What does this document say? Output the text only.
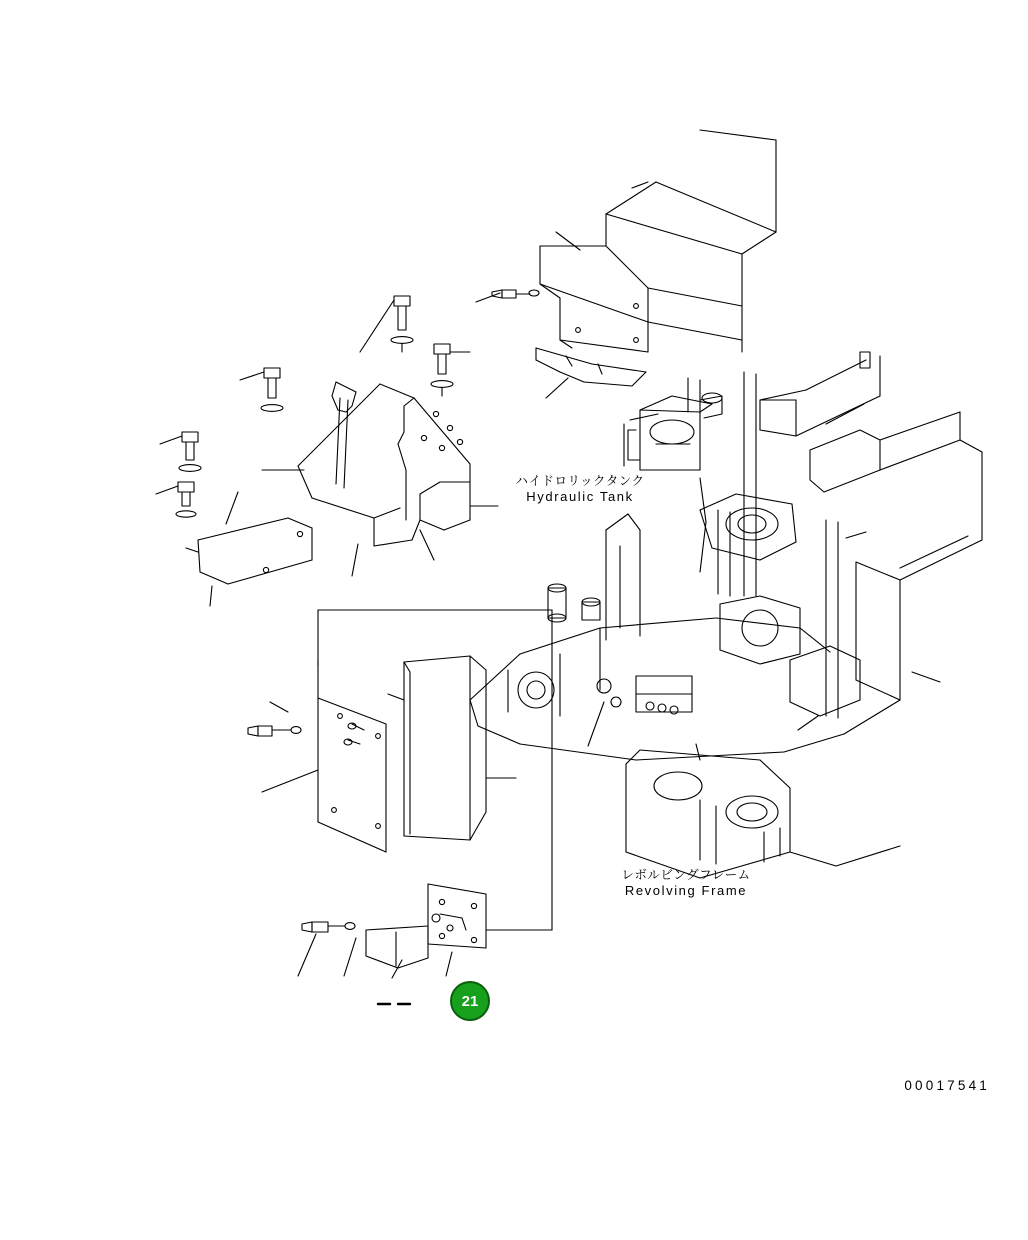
ハイドロリックタンク
Hydraulic Tank
レボルビングフレーム
Revolving Frame
21
00017541
